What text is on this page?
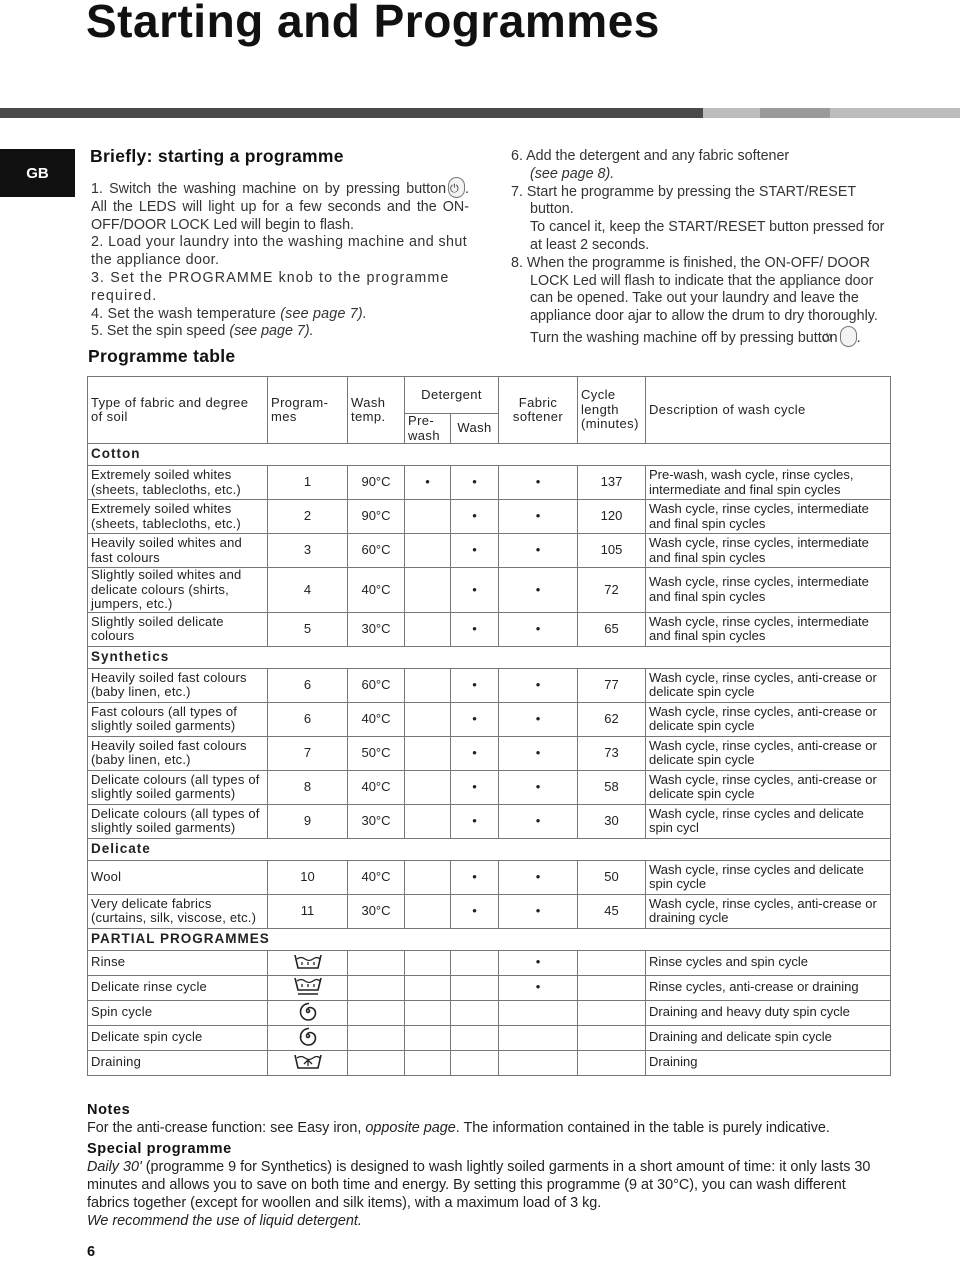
Starting and Programmes
GB
Briefly: starting a programme
1. Switch the washing machine on by pressing button ⏻ . All the LEDS will light up for a few seconds and the ON-OFF/DOOR LOCK Led will begin to flash.
2. Load your laundry into the washing machine and shut the appliance door.
3. Set the PROGRAMME knob to the programme required.
4. Set the wash temperature (see page 7).
5. Set the spin speed (see page 7).
Programme table
6. Add the detergent and any fabric softener
(see page 8).
7. Start he programme by pressing the START/RESET button.
To cancel it, keep the START/RESET button pressed for at least 2 seconds.
8. When the programme is finished, the ON-OFF/ DOOR LOCK Led will flash to indicate that the appliance door can be opened. Take out your laundry and leave the appliance door ajar to allow the drum to dry thoroughly. Turn the washing machine off by pressing button ⏻ .
Type of fabric and degree of soil	Program-mes	Wash temp.	Detergent		Fabric softener	Cycle length (minutes)	Description of wash cycle
			Pre-wash	Wash			
Cotton							
Extremely soiled whites (sheets, tablecloths, etc.)	1	90°C	•	•	•	137	Pre-wash, wash cycle, rinse cycles, intermediate and final spin cycles
Extremely soiled whites (sheets, tablecloths, etc.)	2	90°C		•	•	120	Wash cycle, rinse cycles, intermediate and final spin cycles
Heavily soiled whites and fast colours	3	60°C		•	•	105	Wash cycle, rinse cycles, intermediate and final spin cycles
Slightly soiled whites and delicate colours (shirts, jumpers, etc.)	4	40°C		•	•	72	Wash cycle, rinse cycles, intermediate and final spin cycles
Slightly soiled delicate colours	5	30°C		•	•	65	Wash cycle, rinse cycles, intermediate and final spin cycles
Synthetics							
Heavily soiled fast colours (baby linen, etc.)	6	60°C		•	•	77	Wash cycle, rinse cycles, anti-crease or delicate spin cycle
Fast colours (all types of slightly soiled garments)	6	40°C		•	•	62	Wash cycle, rinse cycles, anti-crease or delicate spin cycle
Heavily soiled fast colours (baby linen, etc.)	7	50°C		•	•	73	Wash cycle, rinse cycles, anti-crease or delicate spin cycle
Delicate colours (all types of slightly soiled garments)	8	40°C		•	•	58	Wash cycle, rinse cycles, anti-crease or delicate spin cycle
Delicate colours (all types of slightly soiled garments)	9	30°C		•	•	30	Wash cycle, rinse cycles and delicate spin cycl
Delicate							
Wool	10	40°C		•	•	50	Wash cycle, rinse cycles and delicate spin cycle
Very delicate fabrics (curtains, silk, viscose, etc.)	11	30°C		•	•	45	Wash cycle, rinse cycles, anti-crease or draining cycle
PARTIAL PROGRAMMES							
Rinse					•		Rinse cycles and spin cycle
Delicate rinse cycle					•		Rinse cycles, anti-crease or draining
Spin cycle							Draining and heavy duty spin cycle
Delicate spin cycle							Draining and delicate spin cycle
Draining							Draining
Notes
For the anti-crease function: see Easy iron, opposite page. The information contained in the table is purely indicative.
Special programme
Daily 30' (programme 9 for Synthetics) is designed to wash lightly soiled garments in a short amount of time: it only lasts 30 minutes and allows you to save on both time and energy. By setting this programme (9 at 30°C), you can wash different fabrics together (except for woollen and silk items), with a maximum load of 3 kg.
We recommend the use of liquid detergent.
6
